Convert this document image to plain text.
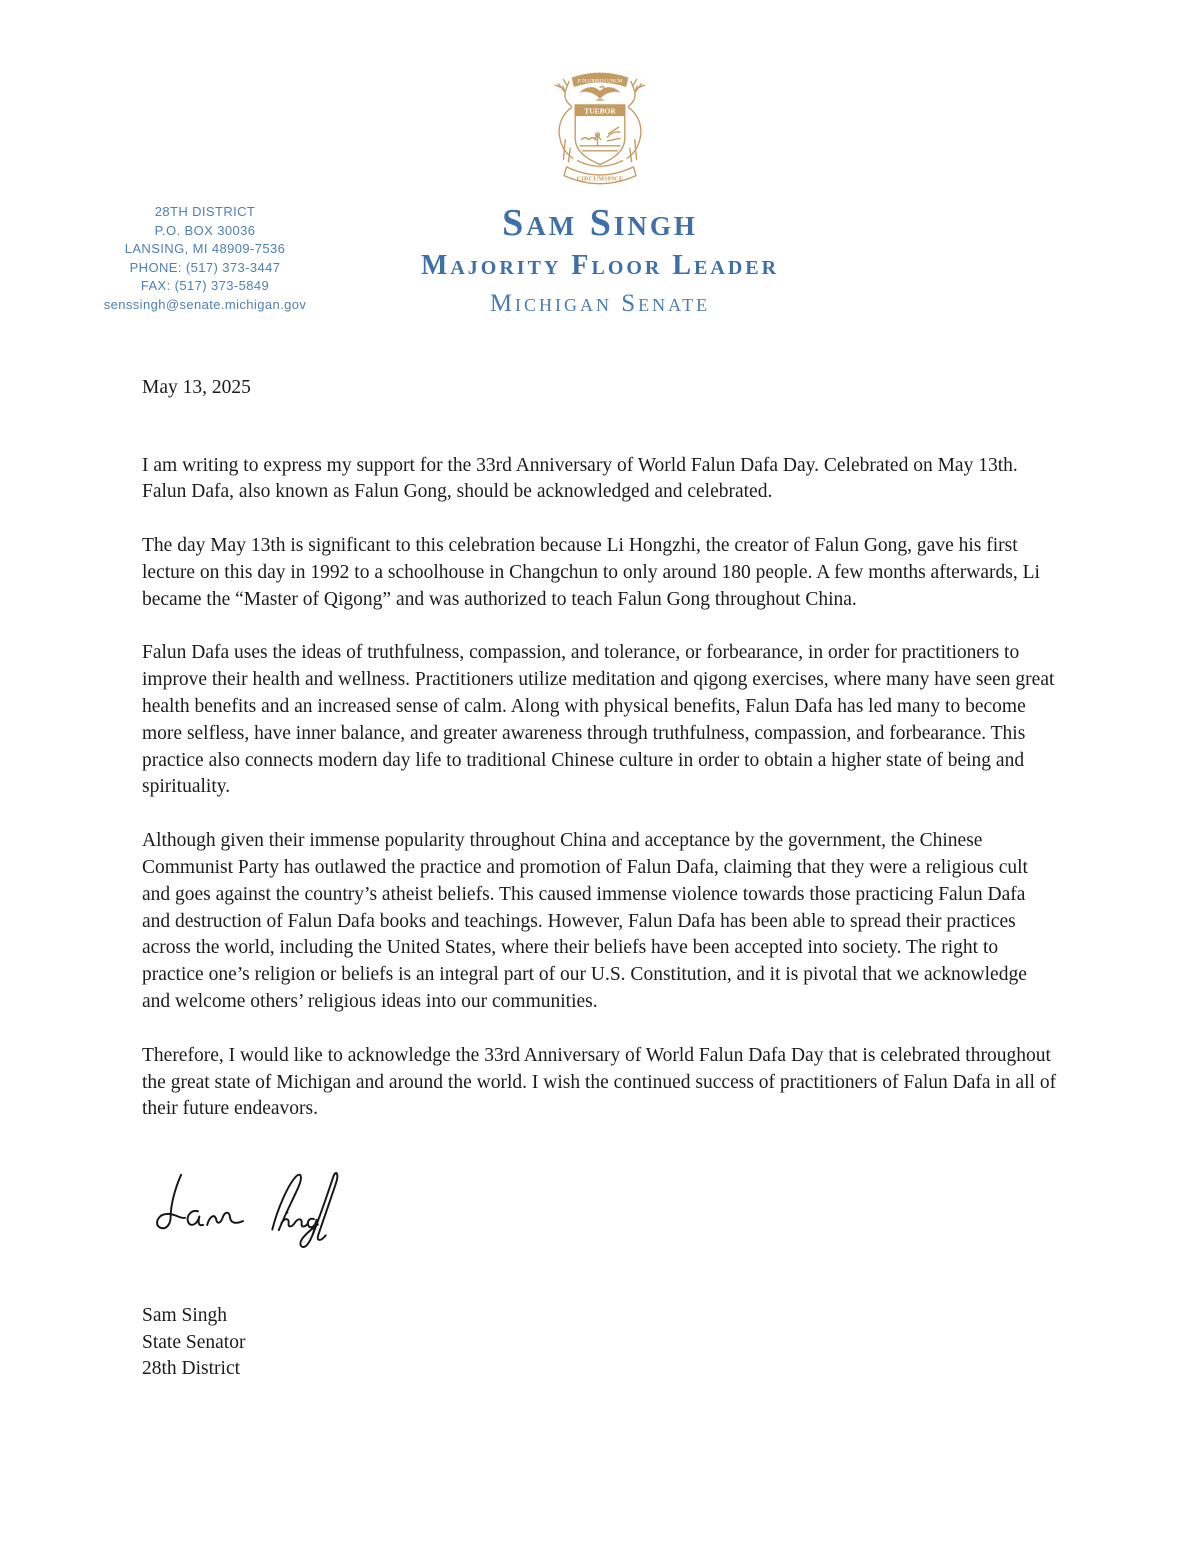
E PLURIBUS UNUM
TUEBOR
CIRCUMSPICE
28TH DISTRICT
P.O. BOX 30036
LANSING, MI 48909-7536
PHONE: (517) 373-3447
FAX: (517) 373-5849
senssingh@senate.michigan.gov
Sam Singh
Majority Floor Leader
Michigan Senate
May 13, 2025

I am writing to express my support for the 33rd Anniversary of World Falun Dafa Day. Celebrated on May 13th. Falun Dafa, also known as Falun Gong, should be acknowledged and celebrated.

The day May 13th is significant to this celebration because Li Hongzhi, the creator of Falun Gong, gave his first lecture on this day in 1992 to a schoolhouse in Changchun to only around 180 people. A few months afterwards, Li became the “Master of Qigong” and was authorized to teach Falun Gong throughout China.

Falun Dafa uses the ideas of truthfulness, compassion, and tolerance, or forbearance, in order for practitioners to improve their health and wellness. Practitioners utilize meditation and qigong exercises, where many have seen great health benefits and an increased sense of calm. Along with physical benefits, Falun Dafa has led many to become more selfless, have inner balance, and greater awareness through truthfulness, compassion, and forbearance. This practice also connects modern day life to traditional Chinese culture in order to obtain a higher state of being and spirituality.

Although given their immense popularity throughout China and acceptance by the government, the Chinese Communist Party has outlawed the practice and promotion of Falun Dafa, claiming that they were a religious cult and goes against the country’s atheist beliefs. This caused immense violence towards those practicing Falun Dafa and destruction of Falun Dafa books and teachings. However, Falun Dafa has been able to spread their practices across the world, including the United States, where their beliefs have been accepted into society. The right to practice one’s religion or beliefs is an integral part of our U.S. Constitution, and it is pivotal that we acknowledge and welcome others’ religious ideas into our communities.

Therefore, I would like to acknowledge the 33rd Anniversary of World Falun Dafa Day that is celebrated throughout the great state of Michigan and around the world. I wish the continued success of practitioners of Falun Dafa in all of their future endeavors.

Sam Singh
State Senator
28th District
